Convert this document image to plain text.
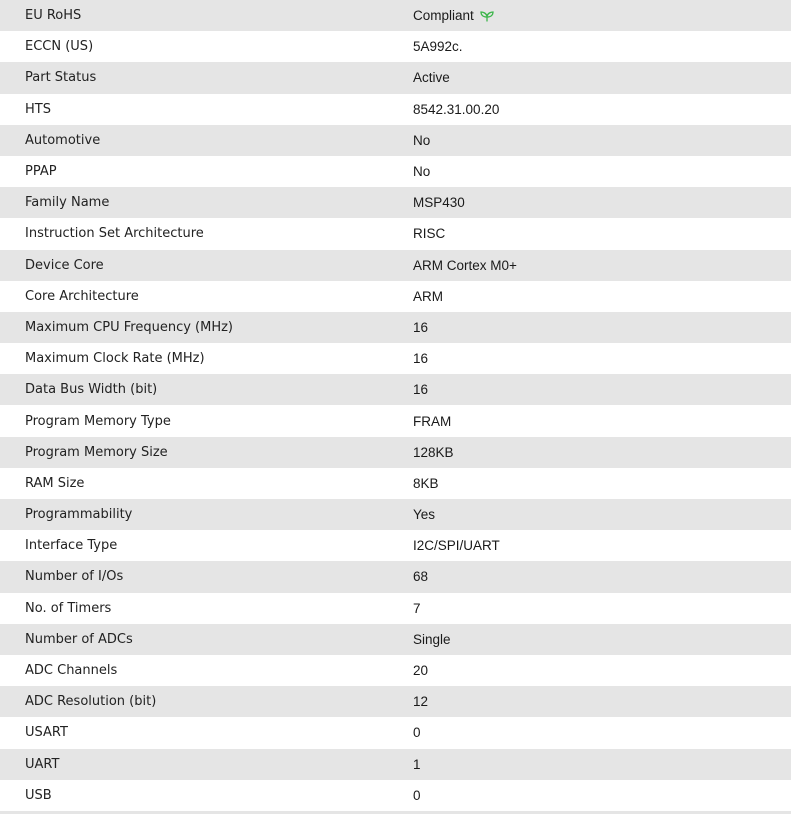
EU RoHS	Compliant
ECCN (US)	5A992c.
Part Status	Active
HTS	8542.31.00.20
Automotive	No
PPAP	No
Family Name	MSP430
Instruction Set Architecture	RISC
Device Core	ARM Cortex M0+
Core Architecture	ARM
Maximum CPU Frequency (MHz)	16
Maximum Clock Rate (MHz)	16
Data Bus Width (bit)	16
Program Memory Type	FRAM
Program Memory Size	128KB
RAM Size	8KB
Programmability	Yes
Interface Type	I2C/SPI/UART
Number of I/Os	68
No. of Timers	7
Number of ADCs	Single
ADC Channels	20
ADC Resolution (bit)	12
USART	0
UART	1
USB	0
